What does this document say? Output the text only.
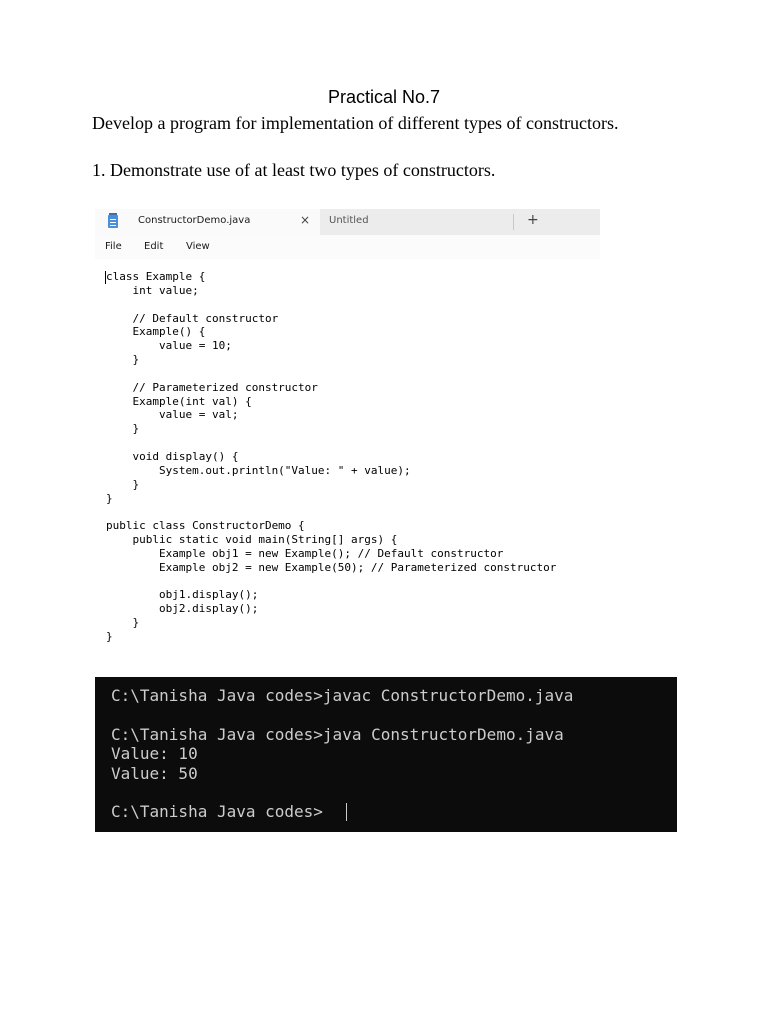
Practical No.7
Develop a program for implementation of different types of constructors.
1. Demonstrate use of at least two types of constructors.
ConstructorDemo.java	× Untitled	+
File Edit View
class Example {
int value;

// Default constructor
Example() {
value = 10;
}

// Parameterized constructor
Example(int val) {
value = val;
}

void display() {
System.out.println("Value: " + value);
}
}

public class ConstructorDemo {
public static void main(String[] args) {
Example obj1 = new Example(); // Default constructor
Example obj2 = new Example(50); // Parameterized constructor

obj1.display();
obj2.display();
}
}
C:\Tanisha Java codes>javac ConstructorDemo.java

C:\Tanisha Java codes>java ConstructorDemo.java
Value: 10
Value: 50

C:\Tanisha Java codes>
